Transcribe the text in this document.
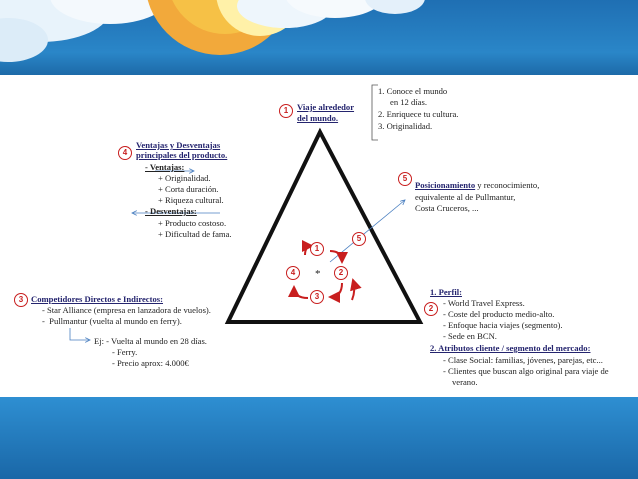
1
2
3
4
5
*
1	Viaje alrededor
del mundo.
1. Conoce el mundo
en 12 días.
2. Enriquece tu cultura.
3. Originalidad.
4
Ventajas y Desventajas
principales del producto.
- Ventajas:
+ Originalidad.
+ Corta duración.
+ Riqueza cultural.
- Desventajas:
+ Producto costoso.
+ Dificultad de fama.
5
Posicionamiento y reconocimiento,
equivalente al de Pullmantur,
Costa Cruceros, ...
3 Competidores Directos e Indirectos:
- Star Alliance (empresa en lanzadora de vuelos).
-  Pullmantur (vuelta al mundo en ferry).
Ej: - Vuelta al mundo en 28 días.
- Ferry.
- Precio aprox: 4.000€
2
1. Perfil:
- World Travel Express.
- Coste del producto medio-alto.
- Enfoque hacia viajes (segmento).
- Sede en BCN.
2. Atributos cliente / segmento del mercado:
- Clase Social: familias, jóvenes, parejas, etc...
- Clientes que buscan algo original para viaje de
verano.
